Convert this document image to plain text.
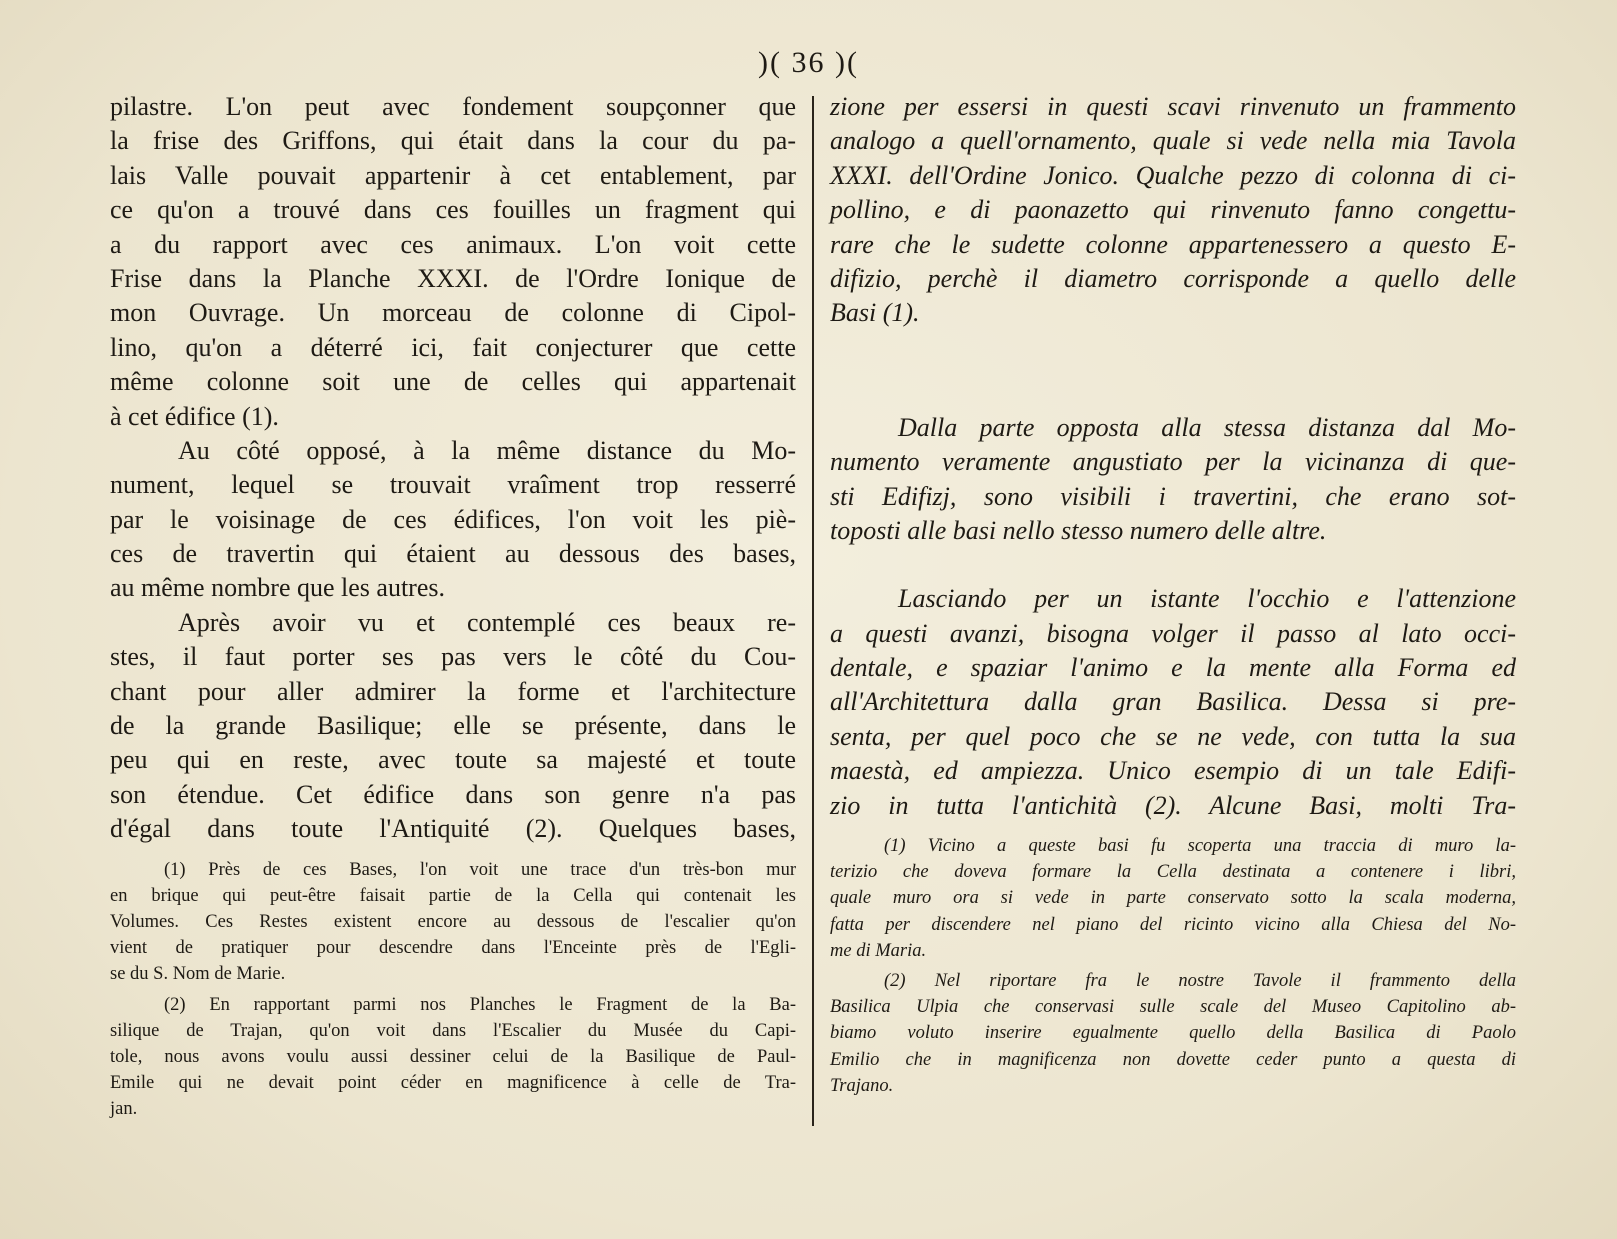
)( 36 )(
pilastre. L'on peut avec fondement soupçonner que
la frise des Griffons, qui était dans la cour du pa-
lais Valle pouvait appartenir à cet entablement, par
ce qu'on a trouvé dans ces fouilles un fragment qui
a du rapport avec ces animaux. L'on voit cette
Frise dans la Planche XXXI. de l'Ordre Ionique de
mon Ouvrage. Un morceau de colonne di Cipol-
lino, qu'on a déterré ici, fait conjecturer que cette
même colonne soit une de celles qui appartenait
à cet édifice (1).
Au côté opposé, à la même distance du Mo-
nument, lequel se trouvait vraîment trop resserré
par le voisinage de ces édifices, l'on voit les piè-
ces de travertin qui étaient au dessous des bases,
au même nombre que les autres.
Après avoir vu et contemplé ces beaux re-
stes, il faut porter ses pas vers le côté du Cou-
chant pour aller admirer la forme et l'architecture
de la grande Basilique; elle se présente, dans le
peu qui en reste, avec toute sa majesté et toute
son étendue. Cet édifice dans son genre n'a pas
d'égal dans toute l'Antiquité (2). Quelques bases,
(1) Près de ces Bases, l'on voit une trace d'un très-bon mur
en brique qui peut-être faisait partie de la Cella qui contenait les
Volumes. Ces Restes existent encore au dessous de l'escalier qu'on
vient de pratiquer pour descendre dans l'Enceinte près de l'Egli-
se du S. Nom de Marie.
(2) En rapportant parmi nos Planches le Fragment de la Ba-
silique de Trajan, qu'on voit dans l'Escalier du Musée du Capi-
tole, nous avons voulu aussi dessiner celui de la Basilique de Paul-
Emile qui ne devait point céder en magnificence à celle de Tra-
jan.
zione per essersi in questi scavi rinvenuto un frammento
analogo a quell'ornamento, quale si vede nella mia Tavola
XXXI. dell'Ordine Jonico. Qualche pezzo di colonna di ci-
pollino, e di paonazetto qui rinvenuto fanno congettu-
rare che le sudette colonne appartenessero a questo E-
difizio, perchè il diametro corrisponde a quello delle
Basi (1).
Dalla parte opposta alla stessa distanza dal Mo-
numento veramente angustiato per la vicinanza di que-
sti Edifizj, sono visibili i travertini, che erano sot-
toposti alle basi nello stesso numero delle altre.
Lasciando per un istante l'occhio e l'attenzione
a questi avanzi, bisogna volger il passo al lato occi-
dentale, e spaziar l'animo e la mente alla Forma ed
all'Architettura dalla gran Basilica. Dessa si pre-
senta, per quel poco che se ne vede, con tutta la sua
maestà, ed ampiezza. Unico esempio di un tale Edifi-
zio in tutta l'antichità (2). Alcune Basi, molti Tra-
(1) Vicino a queste basi fu scoperta una traccia di muro la-
terizio che doveva formare la Cella destinata a contenere i libri,
quale muro ora si vede in parte conservato sotto la scala moderna,
fatta per discendere nel piano del ricinto vicino alla Chiesa del No-
me di Maria.
(2) Nel riportare fra le nostre Tavole il frammento della
Basilica Ulpia che conservasi sulle scale del Museo Capitolino ab-
biamo voluto inserire egualmente quello della Basilica di Paolo
Emilio che in magnificenza non dovette ceder punto a questa di
Trajano.
